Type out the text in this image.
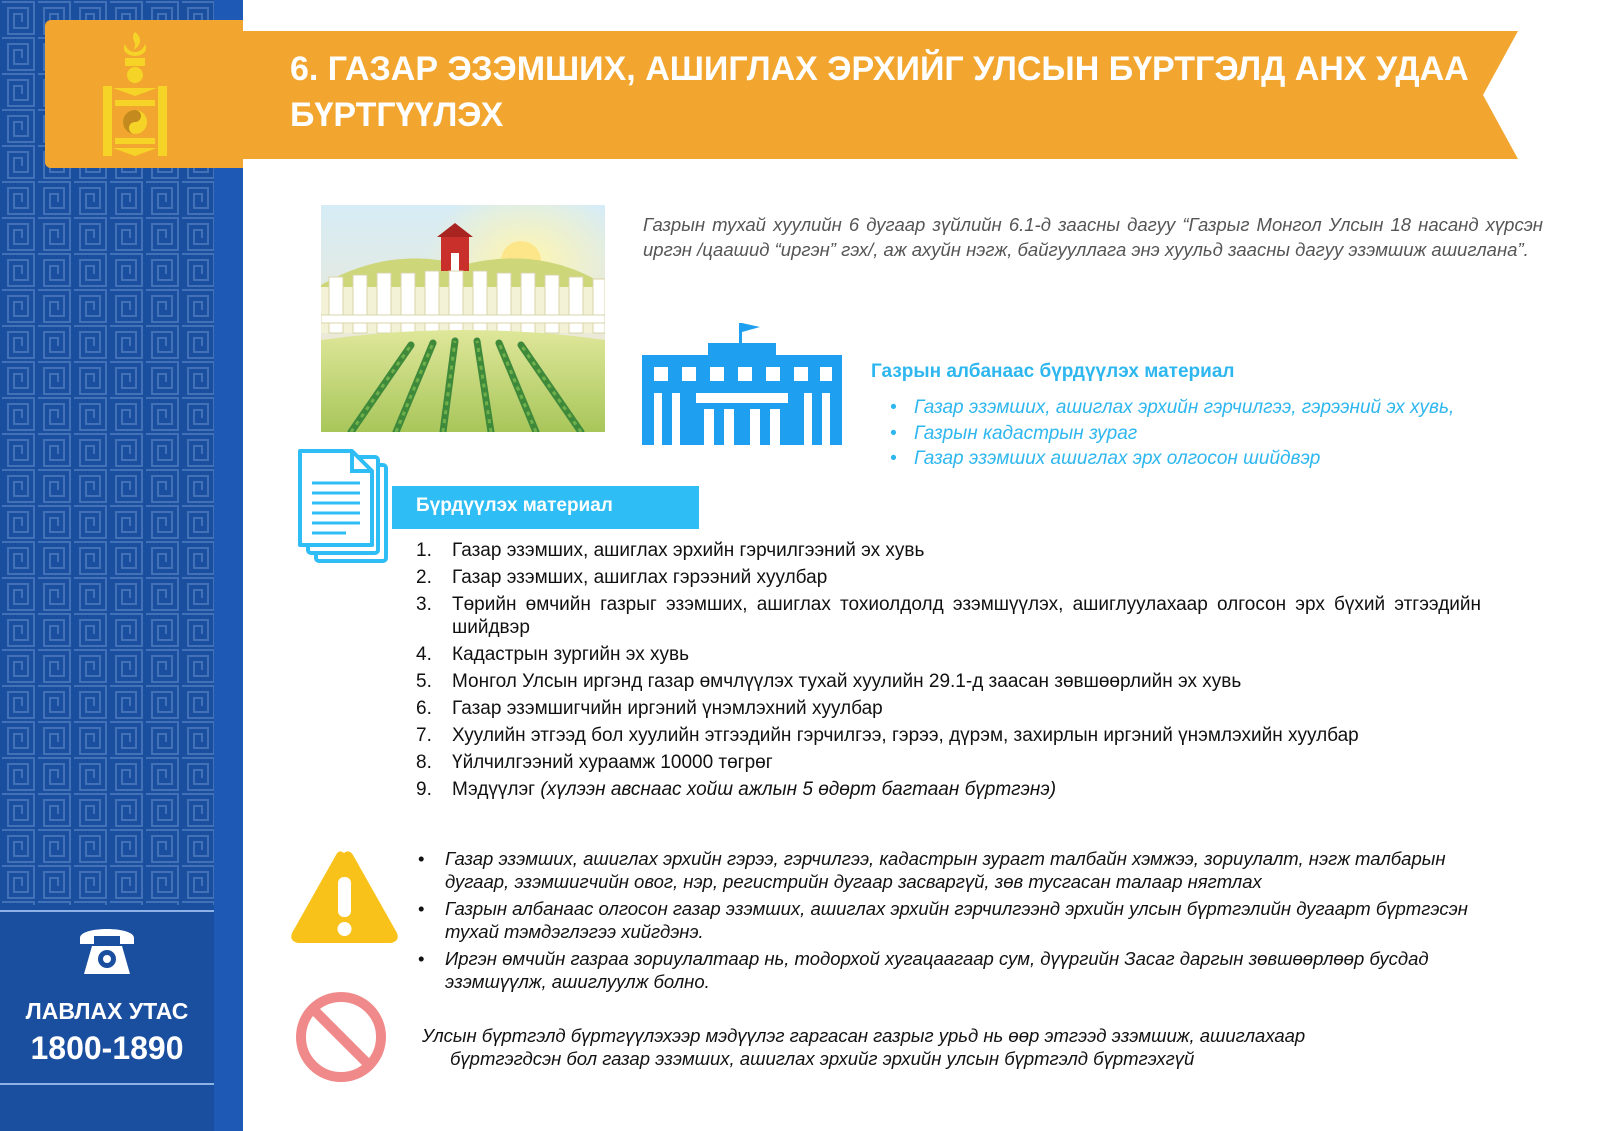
ЛАВЛАХ УТАС
1800-1890
6. ГАЗАР ЭЗЭМШИХ, АШИГЛАХ ЭРХИЙГ УЛСЫН БҮРТГЭЛД АНХ УДАА БҮРТГҮҮЛЭХ
Газрын тухай хуулийн 6 дугаар зүйлийн 6.1-д заасны дагуу “Газрыг Монгол Улсын 18 насанд хүрсэн иргэн /цаашид “иргэн” гэх/, аж ахуйн нэгж, байгууллага энэ хуульд заасны дагуу эзэмшиж ашиглана”.
Газрын албанаас бүрдүүлэх материал
• Газар эзэмших, ашиглах эрхийн гэрчилгээ, гэрээний эх хувь,
• Газрын кадастрын зураг
• Газар эзэмших ашиглах эрх олгосон шийдвэр
Бүрдүүлэх материал
1. Газар эзэмших, ашиглах эрхийн гэрчилгээний эх хувь
2. Газар эзэмших, ашиглах гэрээний хуулбар
3. Төрийн өмчийн газрыг эзэмших, ашиглах тохиолдолд эзэмшүүлэх, ашиглуулахаар олгосон эрх бүхий этгээдийн шийдвэр
4. Кадастрын зургийн эх хувь
5. Монгол Улсын иргэнд газар өмчлүүлэх тухай хуулийн 29.1-д заасан зөвшөөрлийн эх хувь
6. Газар эзэмшигчийн иргэний үнэмлэхний хуулбар
7. Хуулийн этгээд бол хуулийн этгээдийн гэрчилгээ, гэрээ, дүрэм, захирлын иргэний үнэмлэхийн хуулбар
8. Үйлчилгээний хураамж 10000 төгрөг
9. Мэдүүлэг (хүлээн авснаас хойш ажлын 5 өдөрт багтаан бүртгэнэ)
• Газар эзэмших, ашиглах эрхийн гэрээ, гэрчилгээ, кадастрын зурагт талбайн хэмжээ, зориулалт, нэгж талбарын дугаар, эзэмшигчийн овог, нэр, регистрийн дугаар засваргүй, зөв тусгасан талаар нягтлах
• Газрын албанаас олгосон газар эзэмших, ашиглах эрхийн гэрчилгээнд эрхийн улсын бүртгэлийн дугаарт бүртгэсэн тухай тэмдэглэгээ хийгдэнэ.
• Иргэн өмчийн газраа зориулалтаар нь, тодорхой хугацаагаар сум, дүүргийн Засаг даргын зөвшөөрлөөр бусдад эзэмшүүлж, ашиглуулж болно.
Улсын бүртгэлд бүртгүүлэхээр мэдүүлэг гаргасан газрыг урьд нь өөр этгээд эзэмшиж, ашиглахаар
бүртгэгдсэн бол газар эзэмших, ашиглах эрхийг эрхийн улсын бүртгэлд бүртгэхгүй
